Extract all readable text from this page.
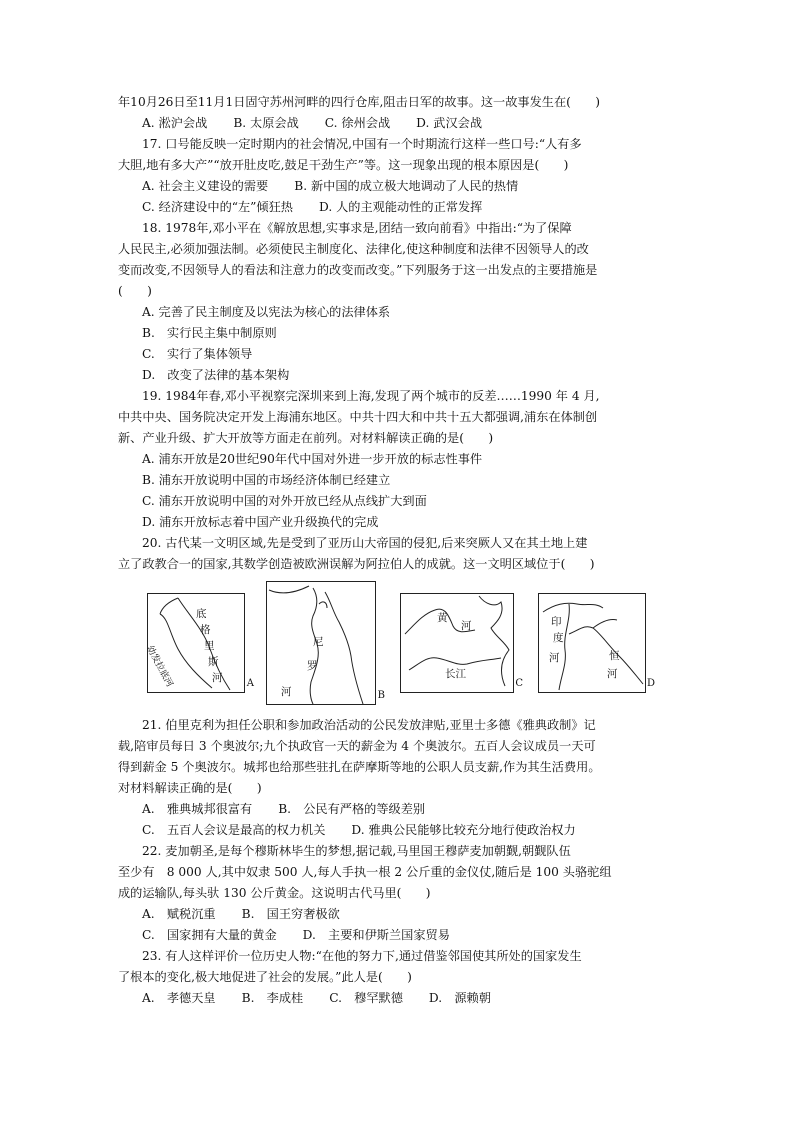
年10月26日至11月1日固守苏州河畔的四行仓库,阻击日军的故事。这一故事发生在(　　)

A. 淞沪会战 B. 太原会战 C. 徐州会战 D. 武汉会战

17. 口号能反映一定时期内的社会情况,中国有一个时期流行这样一些口号:“人有多

大胆,地有多大产”“放开肚皮吃,鼓足干劲生产”等。这一现象出现的根本原因是(　　)

A. 社会主义建设的需要 B. 新中国的成立极大地调动了人民的热情
C. 经济建设中的“左”倾狂热 D. 人的主观能动性的正常发挥

18. 1978年,邓小平在《解放思想,实事求是,团结一致向前看》中指出:“为了保障

人民民主,必须加强法制。必须使民主制度化、法律化,使这种制度和法律不因领导人的改

变而改变,不因领导人的看法和注意力的改变而改变。”下列服务于这一出发点的主要措施是

(　　)

A. 完善了民主制度及以宪法为核心的法律体系

B.　实行民主集中制原则

C.　实行了集体领导

D.　改变了法律的基本架构

19. 1984年春,邓小平视察完深圳来到上海,发现了两个城市的反差……1990 年 4 月,

中共中央、国务院决定开发上海浦东地区。中共十四大和中共十五大都强调,浦东在体制创

新、产业升级、扩大开放等方面走在前列。对材料解读正确的是(　　)

A. 浦东开放是20世纪90年代中国对外进一步开放的标志性事件

B. 浦东开放说明中国的市场经济体制已经建立

C. 浦东开放说明中国的对外开放已经从点线扩大到面

D. 浦东开放标志着中国产业升级换代的完成

20. 古代某一文明区域,先是受到了亚历山大帝国的侵犯,后来突厥人又在其土地上建

立了政教合一的国家,其数学创造被欧洲误解为阿拉伯人的成就。这一文明区域位于(　　)

底
格
里
斯
河
幼发拉底河	A
尼
罗
河	B
黄
河
长江
C
印
度
河	恒
河
D

21. 伯里克利为担任公职和参加政治活动的公民发放津贴,亚里士多德《雅典政制》记

载,陪审员每日 3 个奥波尔;九个执政官一天的薪金为 4 个奥波尔。五百人会议成员一天可

得到薪金 5 个奥波尔。城邦也给那些驻扎在萨摩斯等地的公职人员支薪,作为其生活费用。

对材料解读正确的是(　　)

A.　雅典城邦很富有 B.　公民有严格的等级差别
C.　五百人会议是最高的权力机关 D. 雅典公民能够比较充分地行使政治权力

22. 麦加朝圣,是每个穆斯林毕生的梦想,据记载,马里国王穆萨麦加朝觐,朝觐队伍

至少有　8 000 人,其中奴隶 500 人,每人手执一根 2 公斤重的金仪仗,随后是 100 头骆驼组

成的运输队,每头驮 130 公斤黄金。这说明古代马里(　　)

A.　赋税沉重 B.　国王穷奢极欲
C.　国家拥有大量的黄金 D.　主要和伊斯兰国家贸易

23. 有人这样评价一位历史人物:“在他的努力下,通过借鉴邻国使其所处的国家发生

了根本的变化,极大地促进了社会的发展。”此人是(　　)

A.　孝德天皇 B.　李成桂 C.　穆罕默德 D.　源赖朝
